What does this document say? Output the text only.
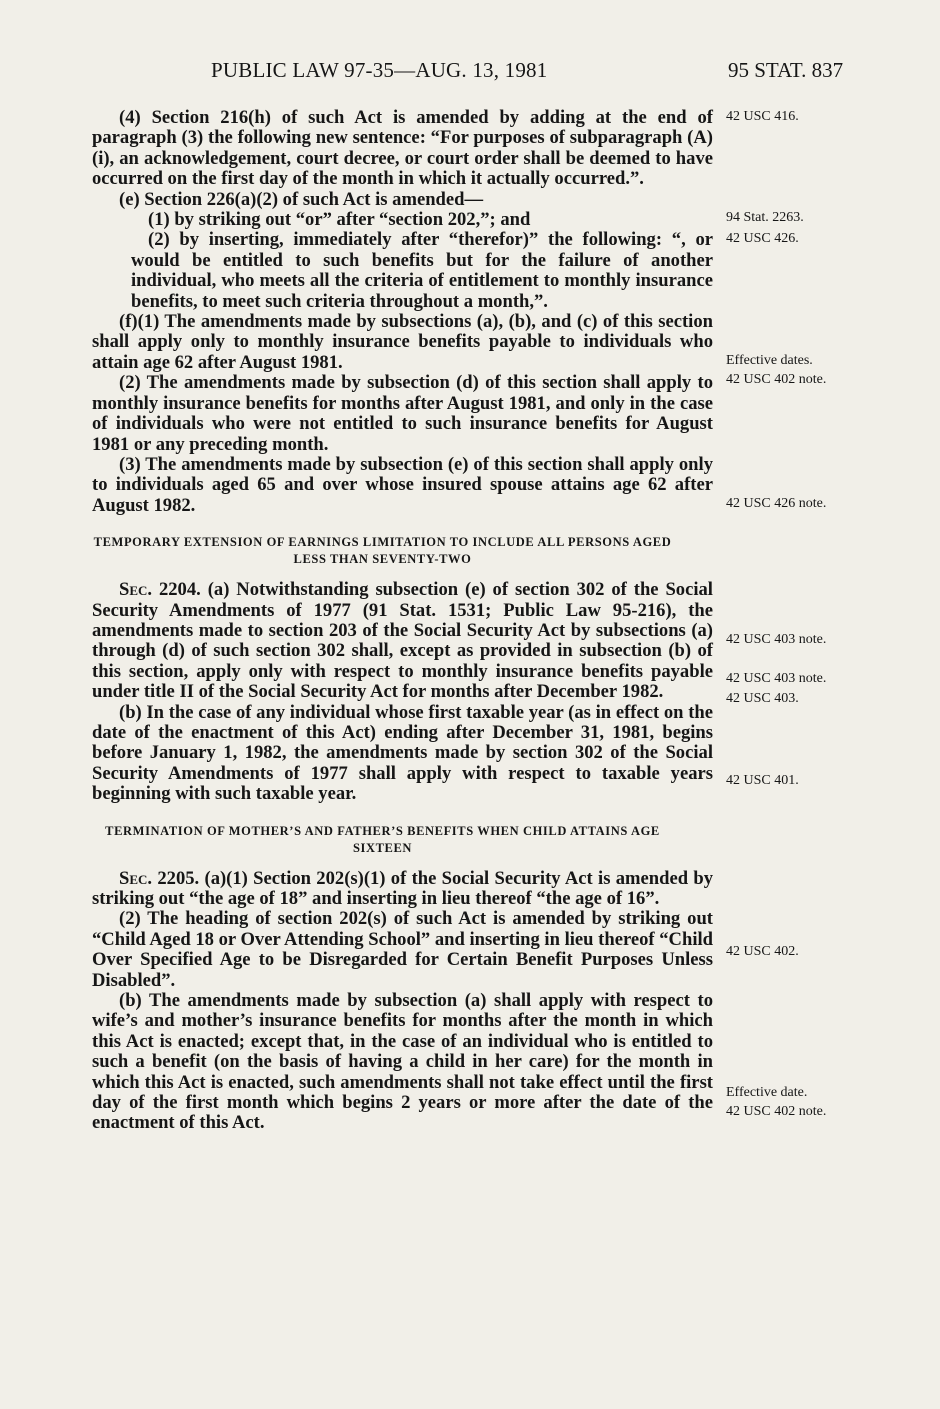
PUBLIC LAW 97-35—AUG. 13, 1981	95 STAT. 837

(4) Section 216(h) of such Act is amended by adding at the end of paragraph (3) the following new sentence: “For purposes of subparagraph (A)(i), an acknowledgement, court decree, or court order shall be deemed to have occurred on the first day of the month in which it actually occurred.”.

(e) Section 226(a)(2) of such Act is amended—

(1) by striking out “or” after “section 202,”; and

(2) by inserting, immediately after “therefor)” the following: “, or would be entitled to such benefits but for the failure of another individual, who meets all the criteria of entitlement to monthly insurance benefits, to meet such criteria throughout a month,”.

(f)(1) The amendments made by subsections (a), (b), and (c) of this section shall apply only to monthly insurance benefits payable to individuals who attain age 62 after August 1981.

(2) The amendments made by subsection (d) of this section shall apply to monthly insurance benefits for months after August 1981, and only in the case of individuals who were not entitled to such insurance benefits for August 1981 or any preceding month.

(3) The amendments made by subsection (e) of this section shall apply only to individuals aged 65 and over whose insured spouse attains age 62 after August 1982.

TEMPORARY EXTENSION OF EARNINGS LIMITATION TO INCLUDE ALL PERSONS AGED LESS THAN SEVENTY-TWO

Sec. 2204. (a) Notwithstanding subsection (e) of section 302 of the Social Security Amendments of 1977 (91 Stat. 1531; Public Law 95-216), the amendments made to section 203 of the Social Security Act by subsections (a) through (d) of such section 302 shall, except as provided in subsection (b) of this section, apply only with respect to monthly insurance benefits payable under title II of the Social Security Act for months after December 1982.

(b) In the case of any individual whose first taxable year (as in effect on the date of the enactment of this Act) ending after December 31, 1981, begins before January 1, 1982, the amendments made by section 302 of the Social Security Amendments of 1977 shall apply with respect to taxable years beginning with such taxable year.

TERMINATION OF MOTHER’S AND FATHER’S BENEFITS WHEN CHILD ATTAINS AGE SIXTEEN

Sec. 2205. (a)(1) Section 202(s)(1) of the Social Security Act is amended by striking out “the age of 18” and inserting in lieu thereof “the age of 16”.

(2) The heading of section 202(s) of such Act is amended by striking out “Child Aged 18 or Over Attending School” and inserting in lieu thereof “Child Over Specified Age to be Disregarded for Certain Benefit Purposes Unless Disabled”.

(b) The amendments made by subsection (a) shall apply with respect to wife’s and mother’s insurance benefits for months after the month in which this Act is enacted; except that, in the case of an individual who is entitled to such a benefit (on the basis of having a child in her care) for the month in which this Act is enacted, such amendments shall not take effect until the first day of the first month which begins 2 years or more after the date of the enactment of this Act.

42 USC 416.
94 Stat. 2263.
42 USC 426.
Effective dates.
42 USC 402 note.
42 USC 426 note.
42 USC 403 note.
42 USC 403 note.
42 USC 403.
42 USC 401.
42 USC 402.
Effective date.
42 USC 402 note.
